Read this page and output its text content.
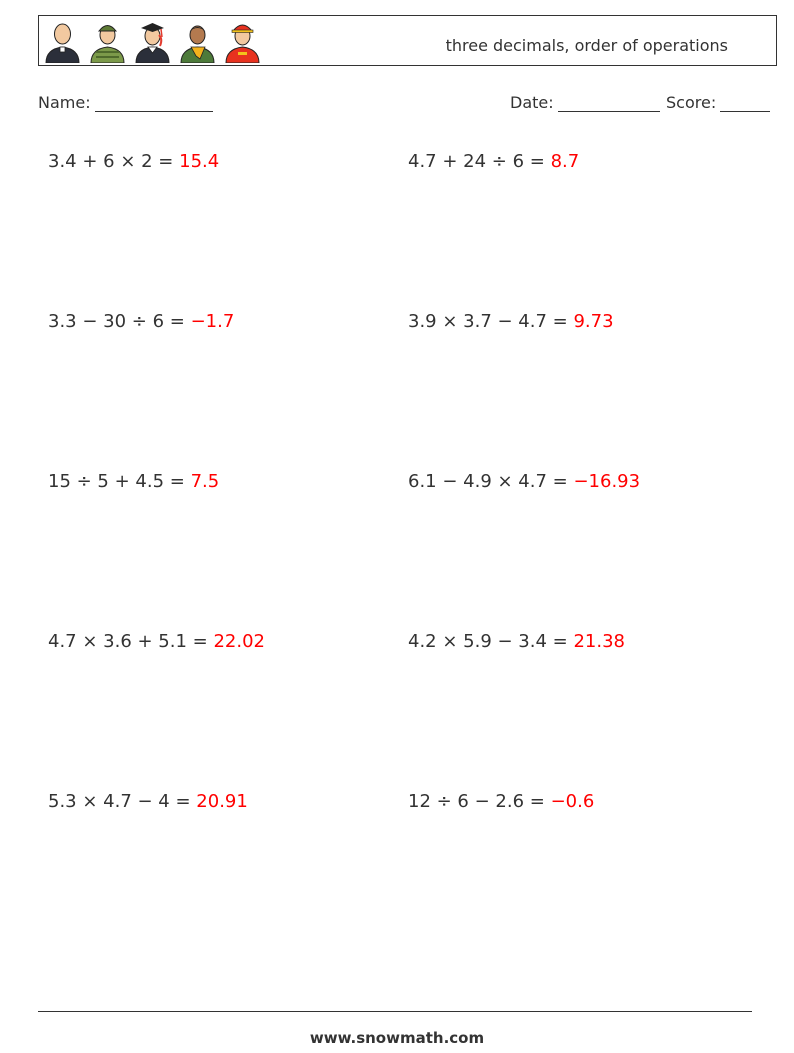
three decimals, order of operations
Name:	Date:	Score:
3.4 + 6 × 2 = 15.4	4.7 + 24 ÷ 6 = 8.7
3.3 − 30 ÷ 6 = −1.7	3.9 × 3.7 − 4.7 = 9.73
15 ÷ 5 + 4.5 = 7.5	6.1 − 4.9 × 4.7 = −16.93
4.7 × 3.6 + 5.1 = 22.02	4.2 × 5.9 − 3.4 = 21.38
5.3 × 4.7 − 4 = 20.91	12 ÷ 6 − 2.6 = −0.6
www.snowmath.com
